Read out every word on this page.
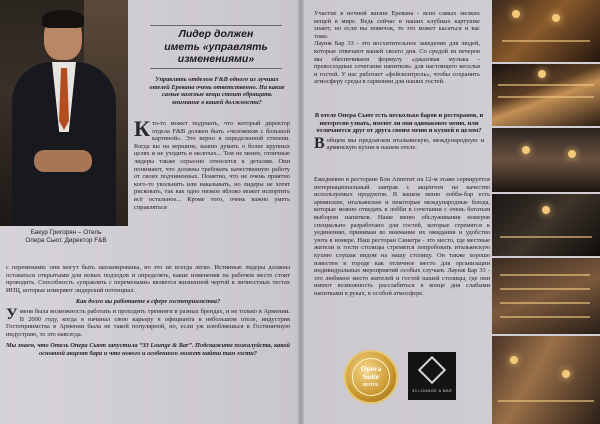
Бакур Григорян – Отель
Опера Сьют. Директор F&B
Лидер должен
иметь «управлять
изменениями»
Управлять отделом F&B одного из лучших отелей Еревана очень ответственно. На какие самые важные вещи стоит обращать внимание в вашей должности?
К то-то может подумать, что который директор отдела F&B должен быть «человеком с большой картиной». Это верно в определенной степени. Когда вы на вершине, важно думать о более крупных целях и не уходить в мелочах... Тем не менее, отличные лидеры также серьезно относятся к деталям. Они понимают, что должны требовать качественную работу от своих подчиненных. Понятно, что не очень приятно кого-то увольнять или наказывать, но лидеры не хотят рисковать, так как одно низкое яблоко может испортить всё остальное... Кроме того, очень важно уметь справляться

с переменами: они могут быть запланированы, но это не всегда легко. Истинные лидеры должны оставаться открытыми для новых подходов и определять, какие изменения на рабочем месте стоит проводить. Способность «управлять с переменами» является жизненной чертой в личностных тестах ИПЦ, которые измеряют лидерский потенциал.

Как долго вы работаете в сфере гостеприимства?

У меня была возможность работать и проходить тренинги в разных брендах, и не только в Армении. В 2000 году, когда я начинал свою карьеру в официанта в небольшом отеле, индустрия Гостеприимства в Армении была не такой популярной, но, если уж влюбляешься в Гостиничную индустрию, то это навсегда.

Мы знаем, что Отель Опера Сьют запустила “33 Lounge & Bar”. Подскажите пожалуйста, какой основной акцент бара и что нового и особенного может найти там гости?

Участие в ночной жизни Еревана - ясно самых мелких вещей в мире. Ведь сейчас в наших клубных картушке знают, но если вы новичок, то это может касаться и вас тоже.

Лаунж Бар 33 - это восхитительное заведение для людей, которые отвечают вашей своего дня. Со средой из вечеров мы обеспечиваем формулу «джазовая музыка - превосходные сочетание напитков» для настоящего веселья и гостей. У нас работает «фейсконтроль», чтобы сохранить атмосферу среды в гармонии для наших гостей.

В отеле Опера Сьют есть несколько баров и ресторанов, и интересно узнать, имеют ли они одинаковое меню, или отличаются друг от друга своим меню и кухней в целом?

В общем мы предлагаем итальянскую, международную и армянскую кухни в нашем отеле.

Ежедневно в ресторане Бон Аппетит на 12-м этаже сервируется интернациональный завтрак с акцентом на качество используемых продуктов. В вашем меню лобби-бар есть армянские, итальянские и некоторые международные блюда, которые можно отведать в лобби в сочетании с очень богатым выбором напитков. Наше меню обслуживания номеров специально разработано для гостей, которые стремятся к уединению, принимая во внимание их ожидания и удобство уюта в номере. Наш ресторан Синатра - это место, где местные жители и гости столицы стремятся попробовать итальянскую кухню слушая видом на нашу столицу. Он также хорошо известен в городе как отличное место для организации индивидуальных мероприятий особых случаев. Лаунж Бар 33 - это любимое место жителей и гостей нашей столицы, где они имеют возможность расслабиться в конце дня слабыми напитками в руках, в особой атмосфере.

Opera
Suite
HOTEL
33 LOUNGE & BAR
